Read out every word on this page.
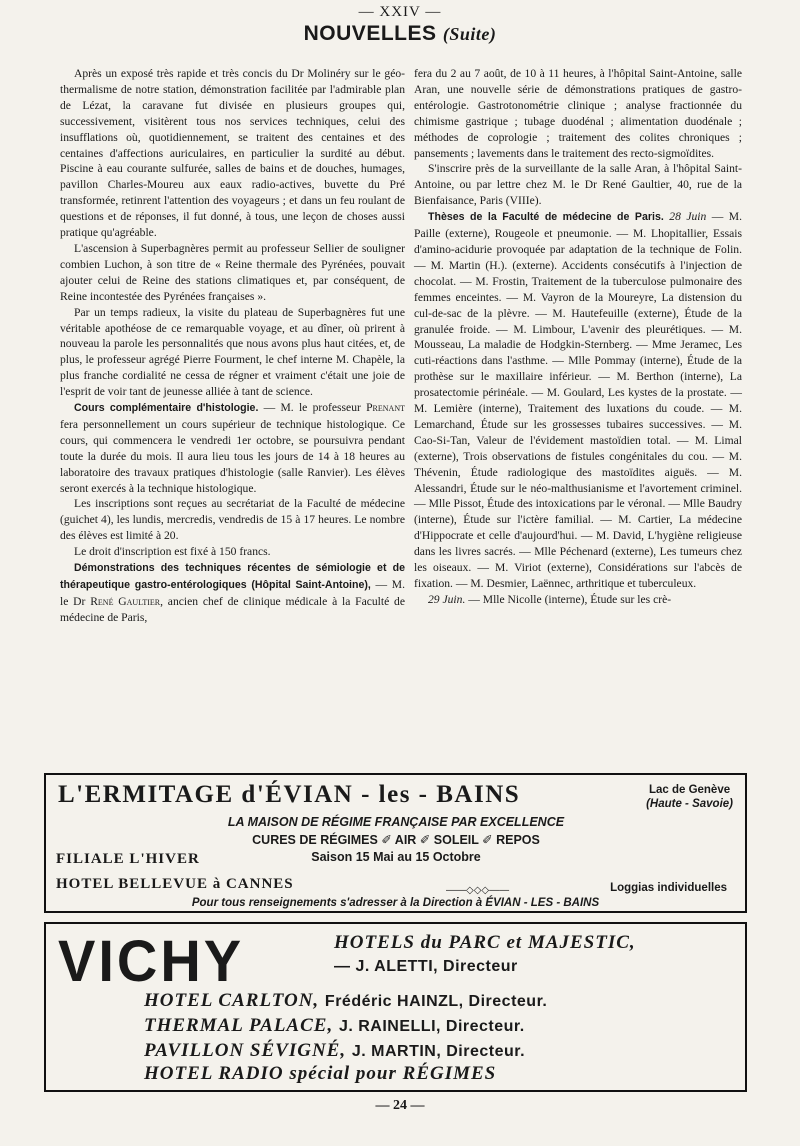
— XXIV —
NOUVELLES (Suite)

Après un exposé très rapide et très concis du Dr Molinéry sur le géo-thermalisme de notre station, démonstration facilitée par l'admirable plan de Lézat, la caravane fut divisée en plusieurs groupes qui, successivement, visitèrent tous nos services techniques, celui des insufflations où, quotidiennement, se traitent des centaines et des centaines d'affections auriculaires, en particulier la surdité au début. Piscine à eau courante sulfurée, salles de bains et de douches, humages, pavillon Charles-Moureu aux eaux radio-actives, buvette du Pré transformée, retinrent l'attention des voyageurs ; et dans un feu roulant de questions et de réponses, il fut donné, à tous, une leçon de choses aussi pratique qu'agréable.

L'ascension à Superbagnères permit au professeur Sellier de souligner combien Luchon, à son titre de « Reine thermale des Pyrénées, pouvait ajouter celui de Reine des stations climatiques et, par conséquent, de Reine incontestée des Pyrénées françaises ».

Par un temps radieux, la visite du plateau de Superbagnères fut une véritable apothéose de ce remarquable voyage, et au dîner, où prirent à nouveau la parole les personnalités que nous avons plus haut citées, et, de plus, le professeur agrégé Pierre Fourment, le chef interne M. Chapèle, la plus franche cordialité ne cessa de régner et vraiment c'était une joie de l'esprit de voir tant de jeunesse alliée à tant de science.

Cours complémentaire d'histologie. — M. le professeur Prenant fera personnellement un cours supérieur de technique histologique. Ce cours, qui commencera le vendredi 1er octobre, se poursuivra pendant toute la durée du mois. Il aura lieu tous les jours de 14 à 18 heures au laboratoire des travaux pratiques d'histologie (salle Ranvier). Les élèves seront exercés à la technique histologique.

Les inscriptions sont reçues au secrétariat de la Faculté de médecine (guichet 4), les lundis, mercredis, vendredis de 15 à 17 heures. Le nombre des élèves est limité à 20.

Le droit d'inscription est fixé à 150 francs.

Démonstrations des techniques récentes de sémiologie et de thérapeutique gastro-entérologiques (Hôpital Saint-Antoine), — M. le Dr René Gaultier, ancien chef de clinique médicale à la Faculté de médecine de Paris,

fera du 2 au 7 août, de 10 à 11 heures, à l'hôpital Saint-Antoine, salle Aran, une nouvelle série de démonstrations pratiques de gastro-entérologie. Gastrotonométrie clinique ; analyse fractionnée du chimisme gastrique ; tubage duodénal ; alimentation duodénale ; méthodes de coprologie ; traitement des colites chroniques ; pansements ; lavements dans le traitement des recto-sigmoïdites.

S'inscrire près de la surveillante de la salle Aran, à l'hôpital Saint-Antoine, ou par lettre chez M. le Dr René Gaultier, 40, rue de la Bienfaisance, Paris (VIIIe).

Thèses de la Faculté de médecine de Paris. 28 Juin — M. Paille (externe), Rougeole et pneumonie. — M. Lhopitallier, Essais d'amino-acidurie provoquée par adaptation de la technique de Folin. — M. Martin (H.). (externe). Accidents consécutifs à l'injection de chocolat. — M. Frostin, Traitement de la tuberculose pulmonaire des femmes enceintes. — M. Vayron de la Moureyre, La distension du cul-de-sac de la plèvre. — M. Hautefeuille (externe), Étude de la granulée froide. — M. Limbour, L'avenir des pleurétiques. — M. Mousseau, La maladie de Hodgkin-Sternberg. — Mme Jeramec, Les cuti-réactions dans l'asthme. — Mlle Pommay (interne), Étude de la prothèse sur le maxillaire inférieur. — M. Berthon (interne), La prosatectomie périnéale. — M. Goulard, Les kystes de la prostate. — M. Lemière (interne), Traitement des luxations du coude. — M. Lemarchand, Étude sur les grossesses tubaires successives. — M. Cao-Si-Tan, Valeur de l'évidement mastoïdien total. — M. Limal (externe), Trois observations de fistules congénitales du cou. — M. Thévenin, Étude radiologique des mastoïdites aiguës. — M. Alessandri, Étude sur le néo-malthusianisme et l'avortement criminel. — Mlle Pissot, Étude des intoxications par le véronal. — Mlle Baudry (interne), Étude sur l'ictère familial. — M. Cartier, La médecine d'Hippocrate et celle d'aujourd'hui. — M. David, L'hygiène religieuse dans les livres sacrés. — Mlle Péchenard (externe), Les tumeurs chez les oiseaux. — M. Viriot (externe), Considérations sur l'abcès de fixation. — M. Desmier, Laënnec, arthritique et tuberculeux.

29 Juin. — Mlle Nicolle (interne), Étude sur les crè-

L'ERMITAGE d'ÉVIAN - les - BAINS	Lac de Genève
(Haute - Savoie)
LA MAISON DE RÉGIME FRANÇAISE PAR EXCELLENCE
CURES DE RÉGIMES ✐ AIR ✐ SOLEIL ✐ REPOS
FILIALE L'HIVER	Saison 15 Mai au 15 Octobre
HOTEL BELLEVUE à CANNES	——◇◇◇——	Loggias individuelles
Pour tous renseignements s'adresser à la Direction à ÉVIAN - LES - BAINS
VICHY	HOTELS du PARC et MAJESTIC,
— J. ALETTI, Directeur
HOTEL CARLTON, Frédéric HAINZL, Directeur.
THERMAL PALACE, J. RAINELLI, Directeur.
PAVILLON SÉVIGNÉ, J. MARTIN, Directeur.
HOTEL RADIO spécial pour RÉGIMES
— 24 —
